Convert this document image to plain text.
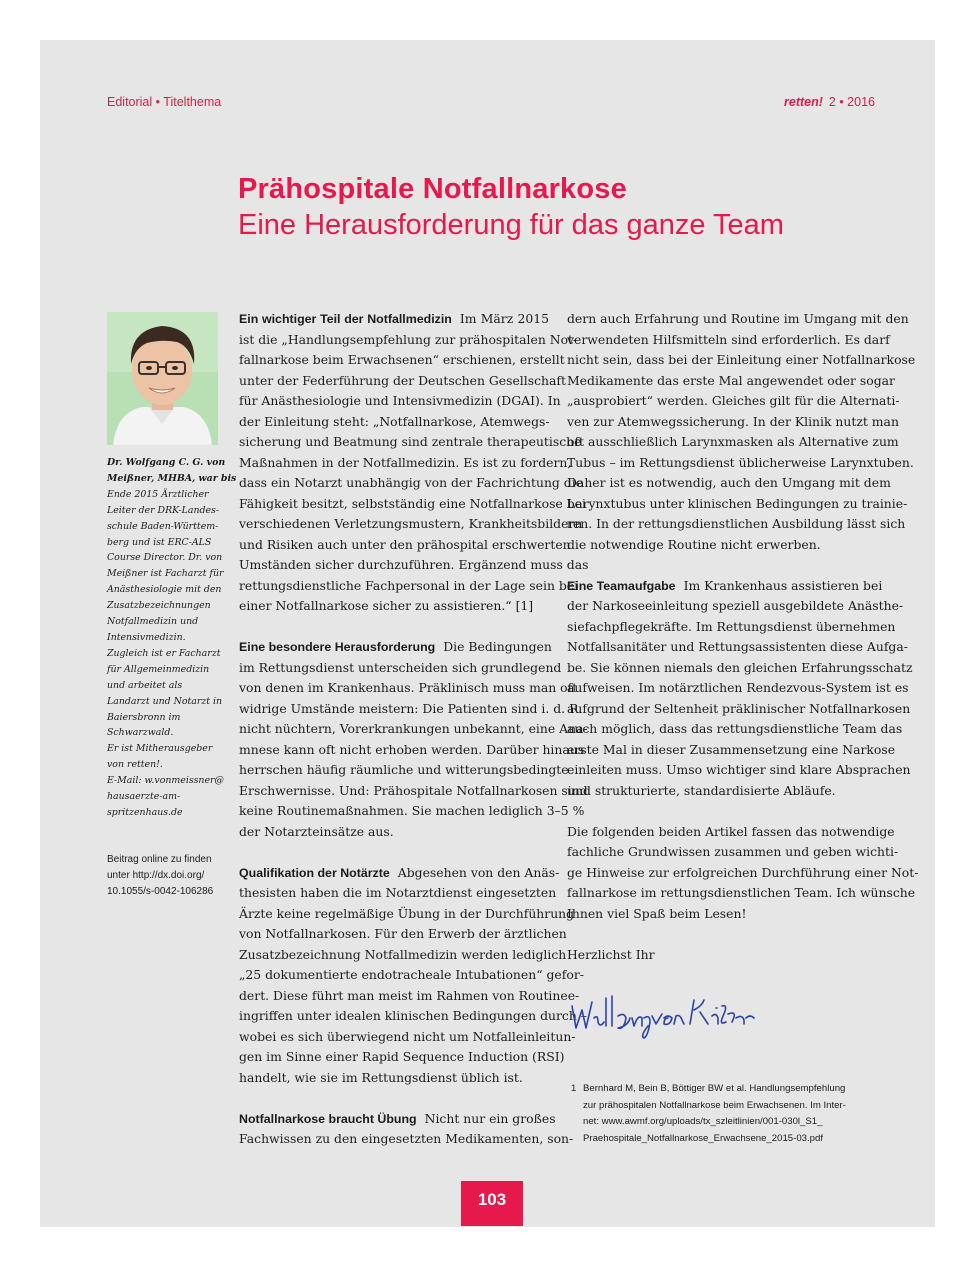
Editorial • Titelthema	retten! 2 • 2016
Prähospitale Notfallnarkose
Eine Herausforderung für das ganze Team
Dr. Wolfgang C. G. von
Meißner, MHBA, war bis
Ende 2015 Ärztlicher
Leiter der DRK-Landes-
schule Baden-Württem-
berg und ist ERC-ALS
Course Director. Dr. von
Meißner ist Facharzt für
Anästhesiologie mit den
Zusatzbezeichnungen
Notfallmedizin und
Intensivmedizin.
Zugleich ist er Facharzt
für Allgemeinmedizin
und arbeitet als
Landarzt und Notarzt in
Baiersbronn im
Schwarzwald.
Er ist Mitherausgeber
von retten!.
E-Mail: w.vonmeissner@
hausaerzte-am-
spritzenhaus.de
Beitrag online zu finden
unter http://dx.doi.org/
10.1055/s-0042-106286
Ein wichtiger Teil der Notfallmedizin Im März 2015
ist die „Handlungsempfehlung zur prähospitalen Not-
fallnarkose beim Erwachsenen“ erschienen, erstellt
unter der Federführung der Deutschen Gesellschaft
für Anästhesiologie und Intensivmedizin (DGAI). In
der Einleitung steht: „Notfallnarkose, Atemwegs-
sicherung und Beatmung sind zentrale therapeutische
Maßnahmen in der Notfallmedizin. Es ist zu fordern,
dass ein Notarzt unabhängig von der Fachrichtung die
Fähigkeit besitzt, selbstständig eine Notfallnarkose bei
verschiedenen Verletzungsmustern, Krankheitsbildern
und Risiken auch unter den prähospital erschwerten
Umständen sicher durchzuführen. Ergänzend muss das
rettungsdienstliche Fachpersonal in der Lage sein bei
einer Notfallnarkose sicher zu assistieren.“ [1]
Eine besondere Herausforderung Die Bedingungen
im Rettungsdienst unterscheiden sich grundlegend
von denen im Krankenhaus. Präklinisch muss man oft
widrige Umstände meistern: Die Patienten sind i. d. R.
nicht nüchtern, Vorerkrankungen unbekannt, eine Ana-
mnese kann oft nicht erhoben werden. Darüber hinaus
herrschen häufig räumliche und witterungsbedingte
Erschwernisse. Und: Prähospitale Notfallnarkosen sind
keine Routinemaßnahmen. Sie machen lediglich 3–5 %
der Notarzteinsätze aus.
Qualifikation der Notärzte Abgesehen von den Anäs-
thesisten haben die im Notarztdienst eingesetzten
Ärzte keine regelmäßige Übung in der Durchführung
von Notfallnarkosen. Für den Erwerb der ärztlichen
Zusatzbezeichnung Notfallmedizin werden lediglich
„25 dokumentierte endotracheale Intubationen“ gefor-
dert. Diese führt man meist im Rahmen von Routinee-
ingriffen unter idealen klinischen Bedingungen durch –
wobei es sich überwiegend nicht um Notfalleinleitun-
gen im Sinne einer Rapid Sequence Induction (RSI)
handelt, wie sie im Rettungsdienst üblich ist.
Notfallnarkose braucht Übung Nicht nur ein großes
Fachwissen zu den eingesetzten Medikamenten, son-
dern auch Erfahrung und Routine im Umgang mit den
verwendeten Hilfsmitteln sind erforderlich. Es darf
nicht sein, dass bei der Einleitung einer Notfallnarkose
Medikamente das erste Mal angewendet oder sogar
„ausprobiert“ werden. Gleiches gilt für die Alternati-
ven zur Atemwegssicherung. In der Klinik nutzt man
oft ausschließlich Larynxmasken als Alternative zum
Tubus – im Rettungsdienst üblicherweise Larynxtuben.
Daher ist es notwendig, auch den Umgang mit dem
Larynxtubus unter klinischen Bedingungen zu trainie-
ren. In der rettungsdienstlichen Ausbildung lässt sich
die notwendige Routine nicht erwerben.
Eine Teamaufgabe Im Krankenhaus assistieren bei
der Narkoseeinleitung speziell ausgebildete Anästhe-
siefachpflegekräfte. Im Rettungsdienst übernehmen
Notfallsanitäter und Rettungsassistenten diese Aufga-
be. Sie können niemals den gleichen Erfahrungsschatz
aufweisen. Im notärztlichen Rendezvous-System ist es
aufgrund der Seltenheit präklinischer Notfallnarkosen
auch möglich, dass das rettungsdienstliche Team das
erste Mal in dieser Zusammensetzung eine Narkose
einleiten muss. Umso wichtiger sind klare Absprachen
und strukturierte, standardisierte Abläufe.
Die folgenden beiden Artikel fassen das notwendige
fachliche Grundwissen zusammen und geben wichti-
ge Hinweise zur erfolgreichen Durchführung einer Not-
fallnarkose im rettungsdienstlichen Team. Ich wünsche
Ihnen viel Spaß beim Lesen!
Herzlichst Ihr
1 Bernhard M, Bein B, Böttiger BW et al. Handlungsempfehlung
zur prähospitalen Notfallnarkose beim Erwachsenen. Im Inter-
net: www.awmf.org/uploads/tx_szleitlinien/001-030l_S1_
Praehospitale_Notfallnarkose_Erwachsene_2015-03.pdf
103
